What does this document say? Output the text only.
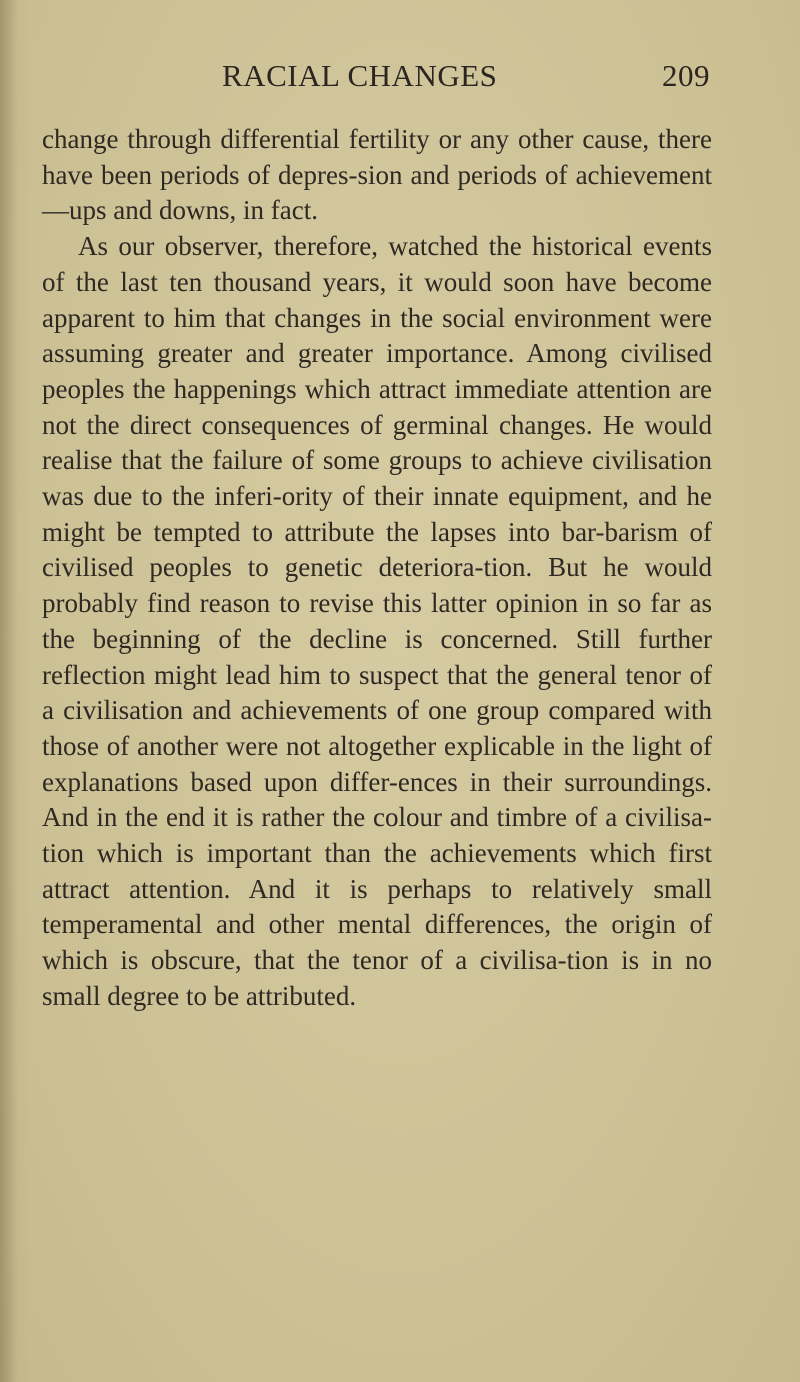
RACIAL CHANGES	209

change through differential fertility or any other cause, there have been periods of depres-sion and periods of achievement—ups and downs, in fact.

As our observer, therefore, watched the historical events of the last ten thousand years, it would soon have become apparent to him that changes in the social environment were assuming greater and greater importance. Among civilised peoples the happenings which attract immediate attention are not the direct consequences of germinal changes. He would realise that the failure of some groups to achieve civilisation was due to the inferi-ority of their innate equipment, and he might be tempted to attribute the lapses into bar-barism of civilised peoples to genetic deteriora-tion. But he would probably find reason to revise this latter opinion in so far as the beginning of the decline is concerned. Still further reflection might lead him to suspect that the general tenor of a civilisation and achievements of one group compared with those of another were not altogether explicable in the light of explanations based upon differ-ences in their surroundings. And in the end it is rather the colour and timbre of a civilisa-tion which is important than the achievements which first attract attention. And it is perhaps to relatively small temperamental and other mental differences, the origin of which is obscure, that the tenor of a civilisa-tion is in no small degree to be attributed.
